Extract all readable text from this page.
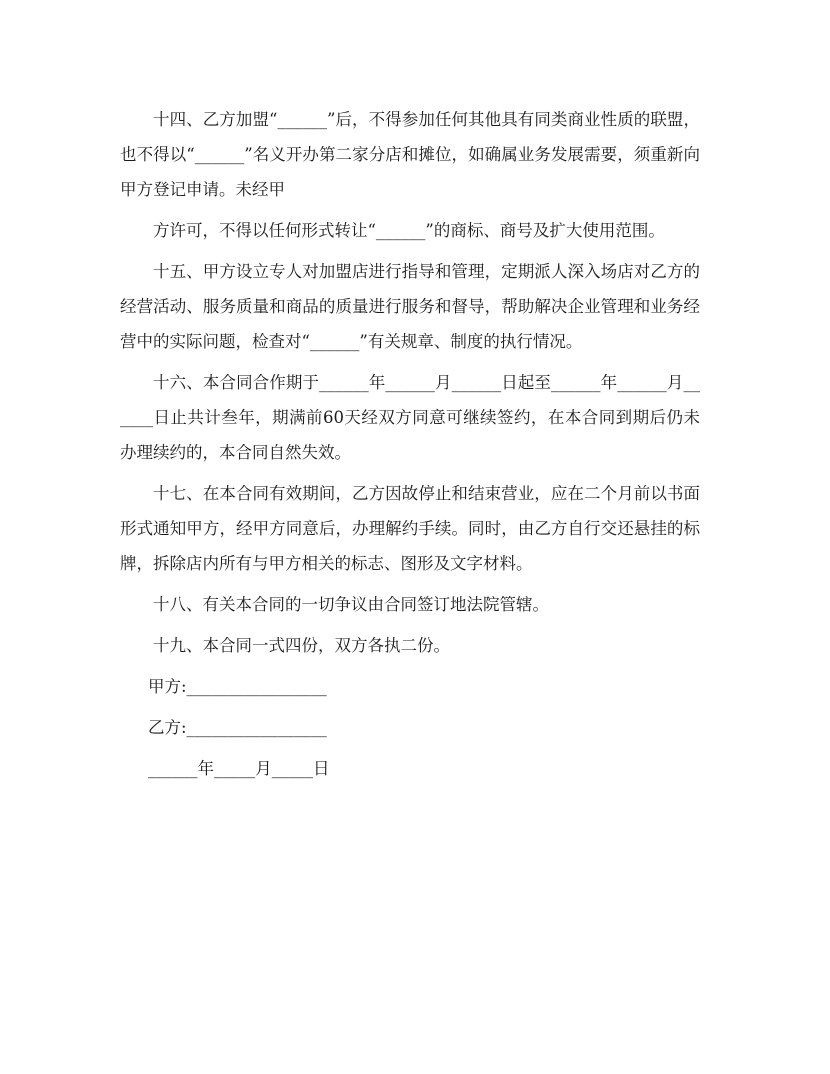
十四、乙方加盟“______”后，不得参加任何其他具有同类商业性质的联盟，也不得以“______”名义开办第二家分店和摊位，如确属业务发展需要，须重新向甲方登记申请。未经甲

方许可，不得以任何形式转让“______”的商标、商号及扩大使用范围。

十五、甲方设立专人对加盟店进行指导和管理，定期派人深入场店对乙方的经营活动、服务质量和商品的质量进行服务和督导，帮助解决企业管理和业务经营中的实际问题，检查对“______”有关规章、制度的执行情况。

十六、本合同合作期于______年______月______日起至______年______月______日止共计叁年，期满前60天经双方同意可继续签约，在本合同到期后仍未办理续约的，本合同自然失效。

十七、在本合同有效期间，乙方因故停止和结束营业，应在二个月前以书面形式通知甲方，经甲方同意后，办理解约手续。同时，由乙方自行交还悬挂的标牌，拆除店内所有与甲方相关的标志、图形及文字材料。

十八、有关本合同的一切争议由合同签订地法院管辖。

十九、本合同一式四份，双方各执二份。

甲方:_________________

乙方:_________________

______年_____月_____日
